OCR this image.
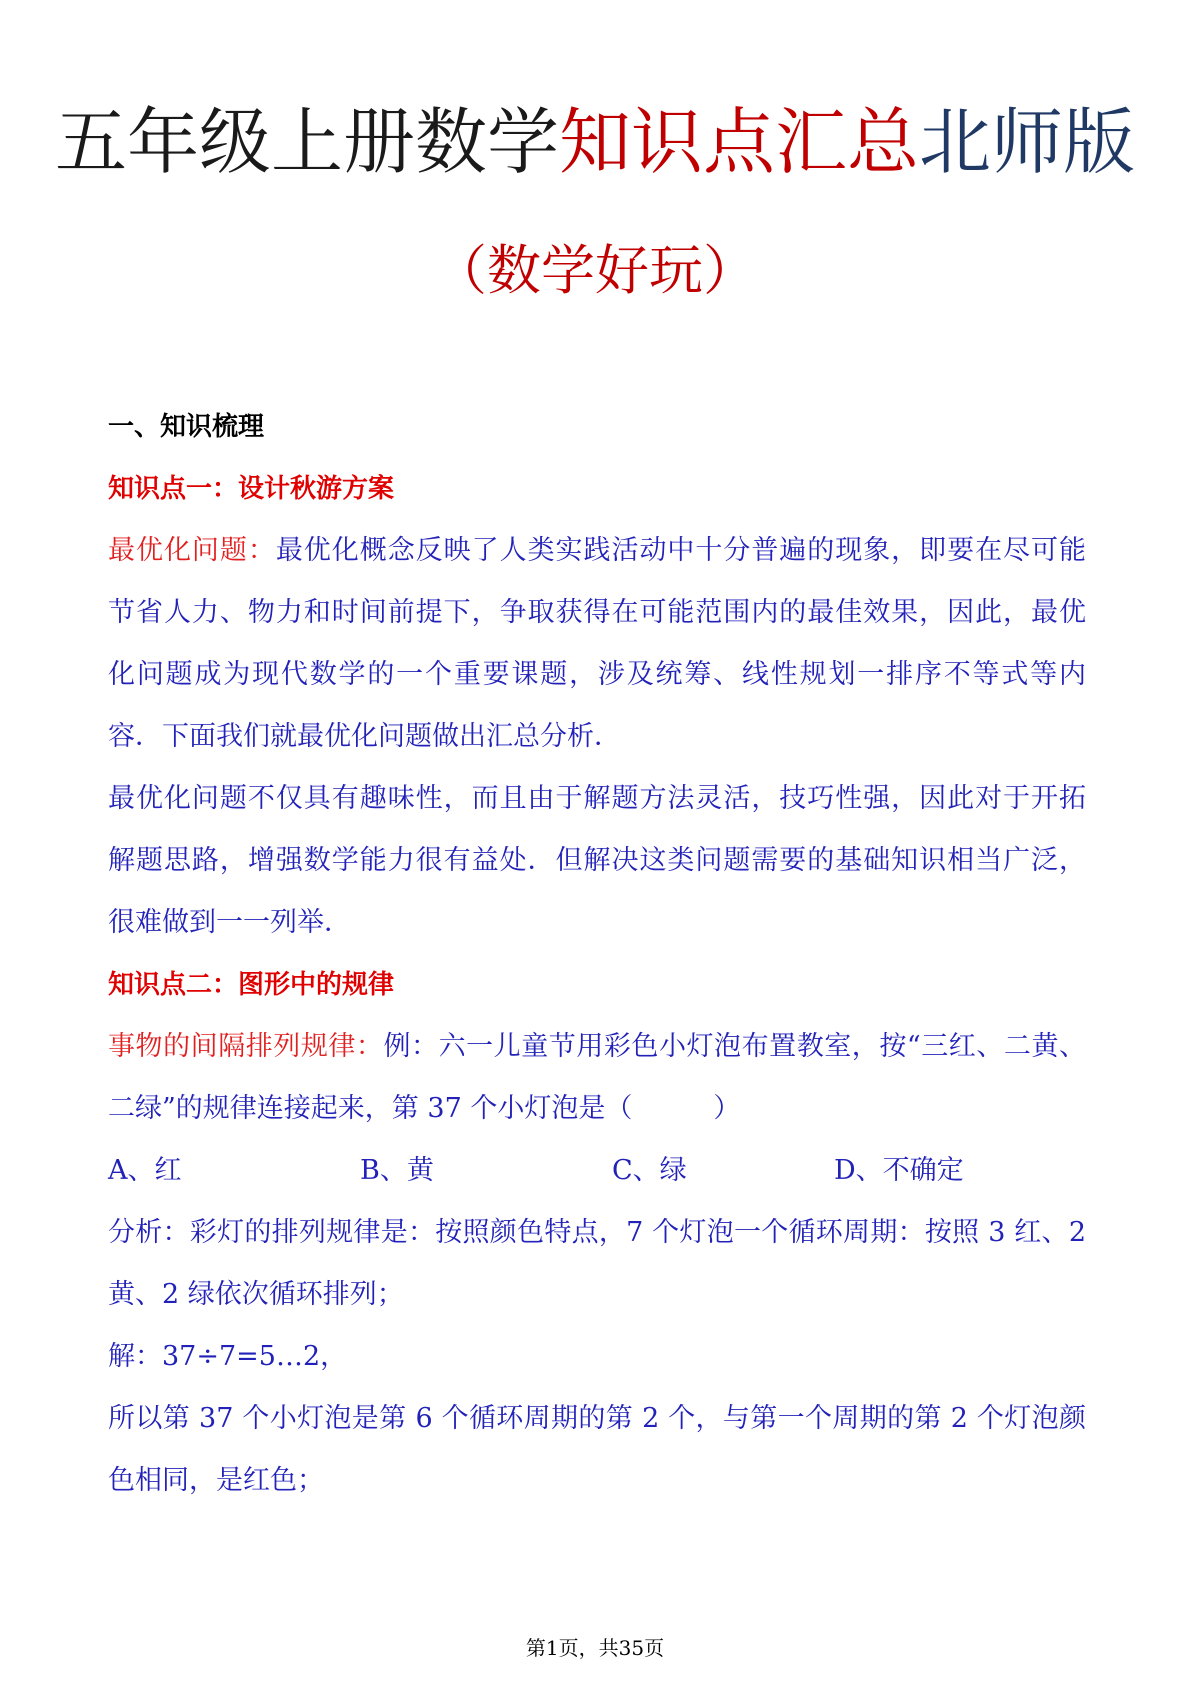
五年级上册数学知识点汇总北师版
（数学好玩）
一、知识梳理
知识点一：设计秋游方案
最优化问题：最优化概念反映了人类实践活动中十分普遍的现象，即要在尽可能
节省人力、物力和时间前提下，争取获得在可能范围内的最佳效果，因此，最优
化问题成为现代数学的一个重要课题，涉及统筹、线性规划一排序不等式等内
容．下面我们就最优化问题做出汇总分析．
最优化问题不仅具有趣味性，而且由于解题方法灵活，技巧性强，因此对于开拓
解题思路，增强数学能力很有益处．但解决这类问题需要的基础知识相当广泛，
很难做到一一列举．
知识点二：图形中的规律
事物的间隔排列规律：例：六一儿童节用彩色小灯泡布置教室，按“三红、二黄、
二绿”的规律连接起来，第 37 个小灯泡是（　　　）
A、红	B、黄	C、绿	D、不确定
分析：彩灯的排列规律是：按照颜色特点，7 个灯泡一个循环周期：按照 3 红、2
黄、2 绿依次循环排列；
解：37÷7=5…2，
所以第 37 个小灯泡是第 6 个循环周期的第 2 个，与第一个周期的第 2 个灯泡颜
色相同，是红色；
第1页，共35页
